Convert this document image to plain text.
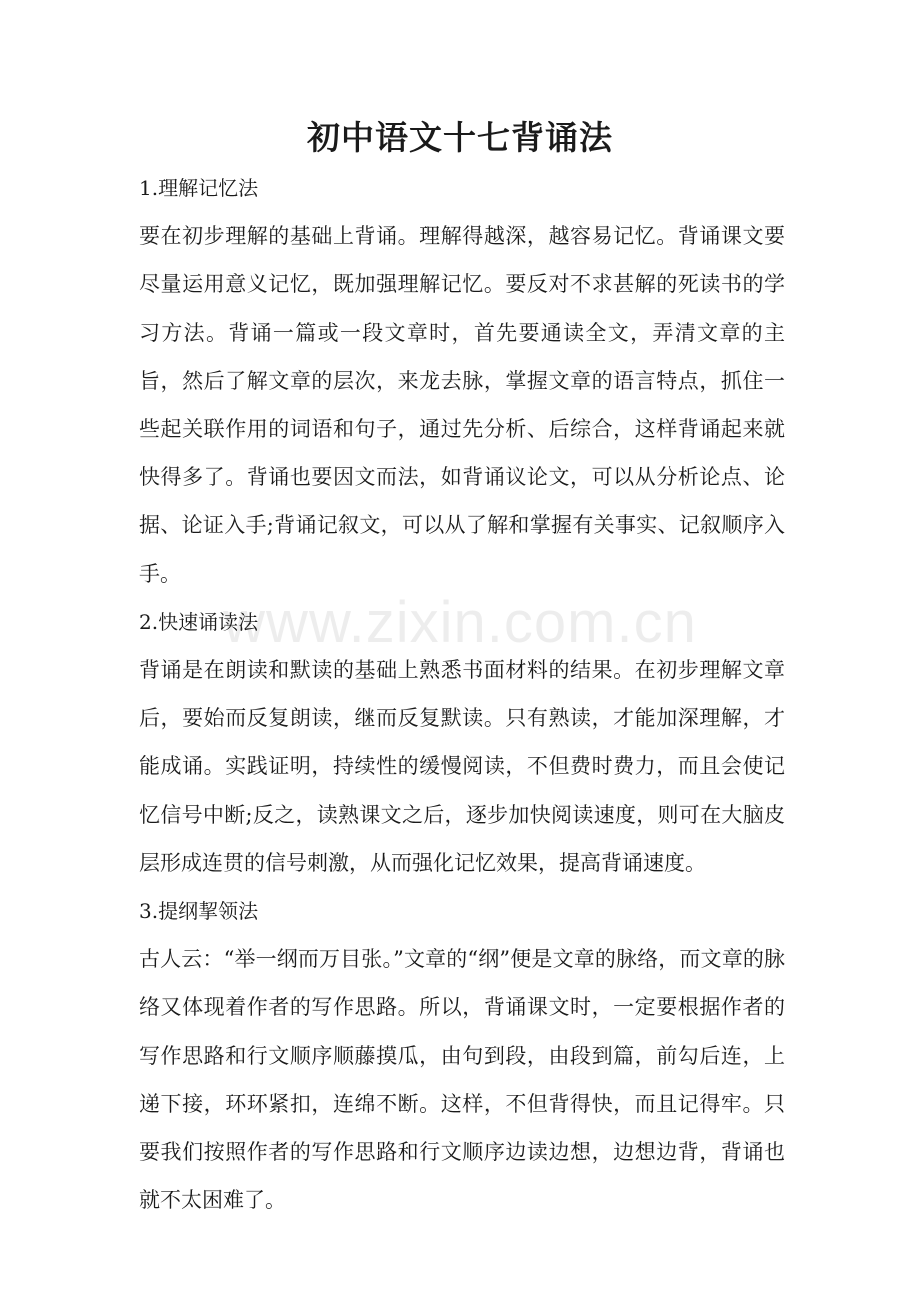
www.zixin.com.cn
初中语文十七背诵法

1.理解记忆法

要在初步理解的基础上背诵。理解得越深，越容易记忆。背诵课文要尽量运用意义记忆，既加强理解记忆。要反对不求甚解的死读书的学习方法。背诵一篇或一段文章时，首先要通读全文，弄清文章的主旨，然后了解文章的层次，来龙去脉，掌握文章的语言特点，抓住一些起关联作用的词语和句子，通过先分析、后综合，这样背诵起来就快得多了。背诵也要因文而法，如背诵议论文，可以从分析论点、论据、论证入手;背诵记叙文，可以从了解和掌握有关事实、记叙顺序入手。

2.快速诵读法

背诵是在朗读和默读的基础上熟悉书面材料的结果。在初步理解文章后，要始而反复朗读，继而反复默读。只有熟读，才能加深理解，才能成诵。实践证明，持续性的缓慢阅读，不但费时费力，而且会使记忆信号中断;反之，读熟课文之后，逐步加快阅读速度，则可在大脑皮层形成连贯的信号刺激，从而强化记忆效果，提高背诵速度。

3.提纲挈领法

古人云：“举一纲而万目张。”文章的“纲”便是文章的脉络，而文章的脉络又体现着作者的写作思路。所以，背诵课文时，一定要根据作者的写作思路和行文顺序顺藤摸瓜，由句到段，由段到篇，前勾后连，上递下接，环环紧扣，连绵不断。这样，不但背得快，而且记得牢。只要我们按照作者的写作思路和行文顺序边读边想，边想边背，背诵也就不太困难了。
